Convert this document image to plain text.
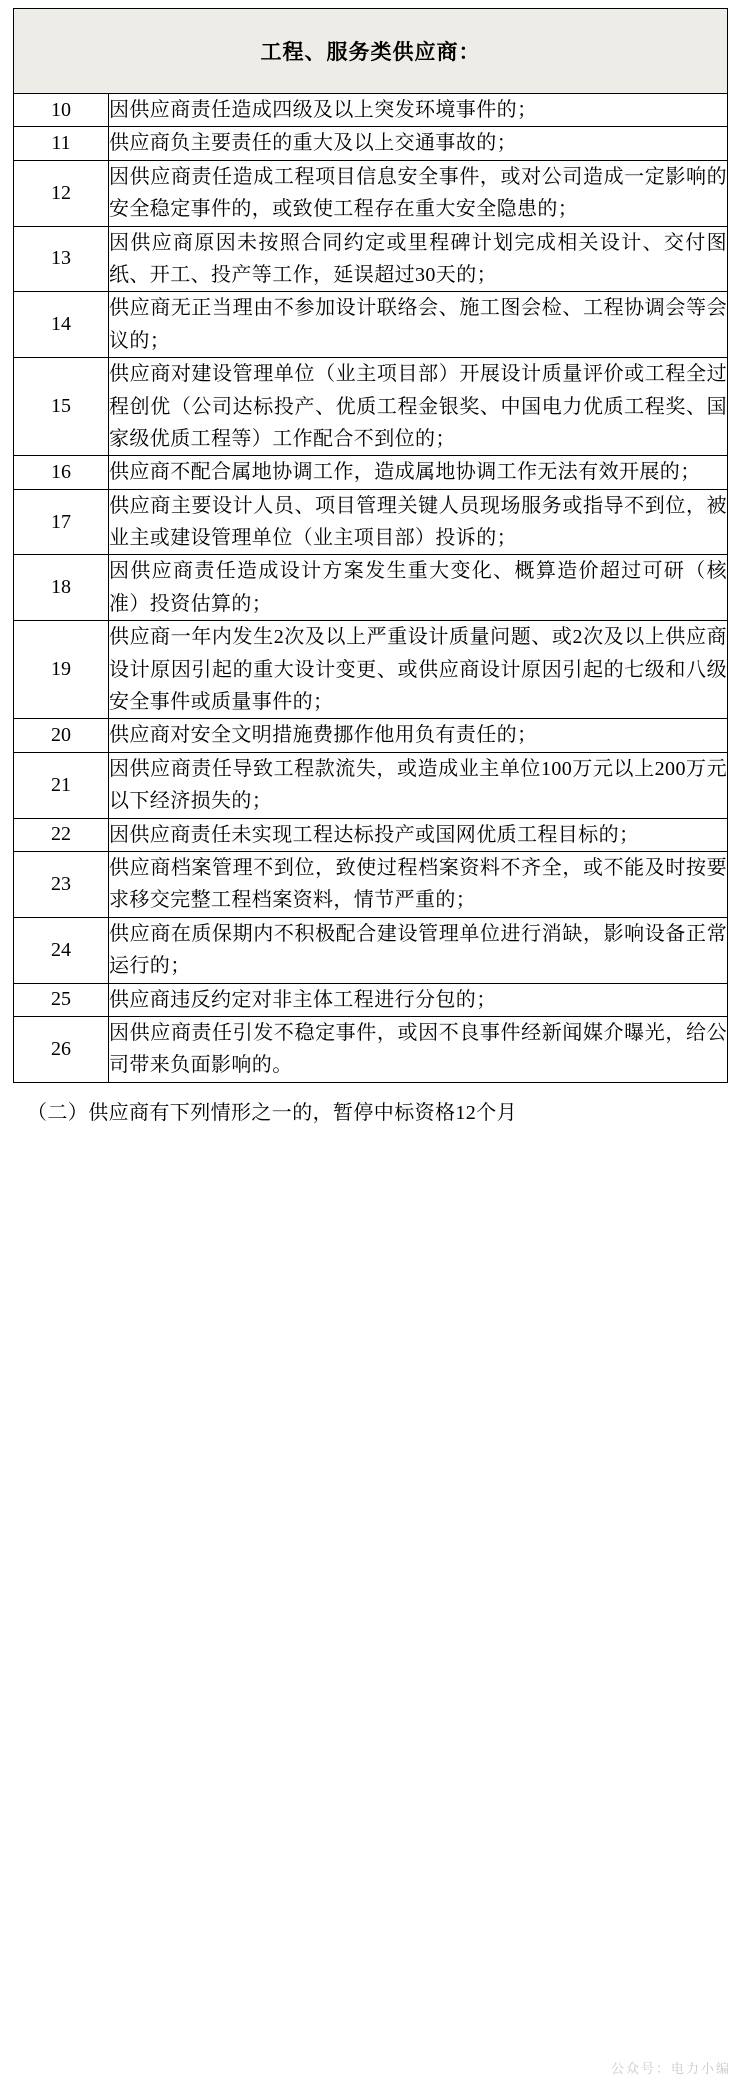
工程、服务类供应商：	
10	因供应商责任造成四级及以上突发环境事件的；
11	供应商负主要责任的重大及以上交通事故的；
12	因供应商责任造成工程项目信息安全事件，或对公司造成一定影响的安全稳定事件的，或致使工程存在重大安全隐患的；
13	因供应商原因未按照合同约定或里程碑计划完成相关设计、交付图纸、开工、投产等工作，延误超过30天的；
14	供应商无正当理由不参加设计联络会、施工图会检、工程协调会等会议的；
15	供应商对建设管理单位（业主项目部）开展设计质量评价或工程全过程创优（公司达标投产、优质工程金银奖、中国电力优质工程奖、国家级优质工程等）工作配合不到位的；
16	供应商不配合属地协调工作，造成属地协调工作无法有效开展的；
17	供应商主要设计人员、项目管理关键人员现场服务或指导不到位，被业主或建设管理单位（业主项目部）投诉的；
18	因供应商责任造成设计方案发生重大变化、概算造价超过可研（核准）投资估算的；
19	供应商一年内发生2次及以上严重设计质量问题、或2次及以上供应商设计原因引起的重大设计变更、或供应商设计原因引起的七级和八级安全事件或质量事件的；
20	供应商对安全文明措施费挪作他用负有责任的；
21	因供应商责任导致工程款流失，或造成业主单位100万元以上200万元以下经济损失的；
22	因供应商责任未实现工程达标投产或国网优质工程目标的；
23	供应商档案管理不到位，致使过程档案资料不齐全，或不能及时按要求移交完整工程档案资料，情节严重的；
24	供应商在质保期内不积极配合建设管理单位进行消缺，影响设备正常运行的；
25	供应商违反约定对非主体工程进行分包的；
26	因供应商责任引发不稳定事件，或因不良事件经新闻媒介曝光，给公司带来负面影响的。
（二）供应商有下列情形之一的，暂停中标资格12个月
公众号：电力小编
